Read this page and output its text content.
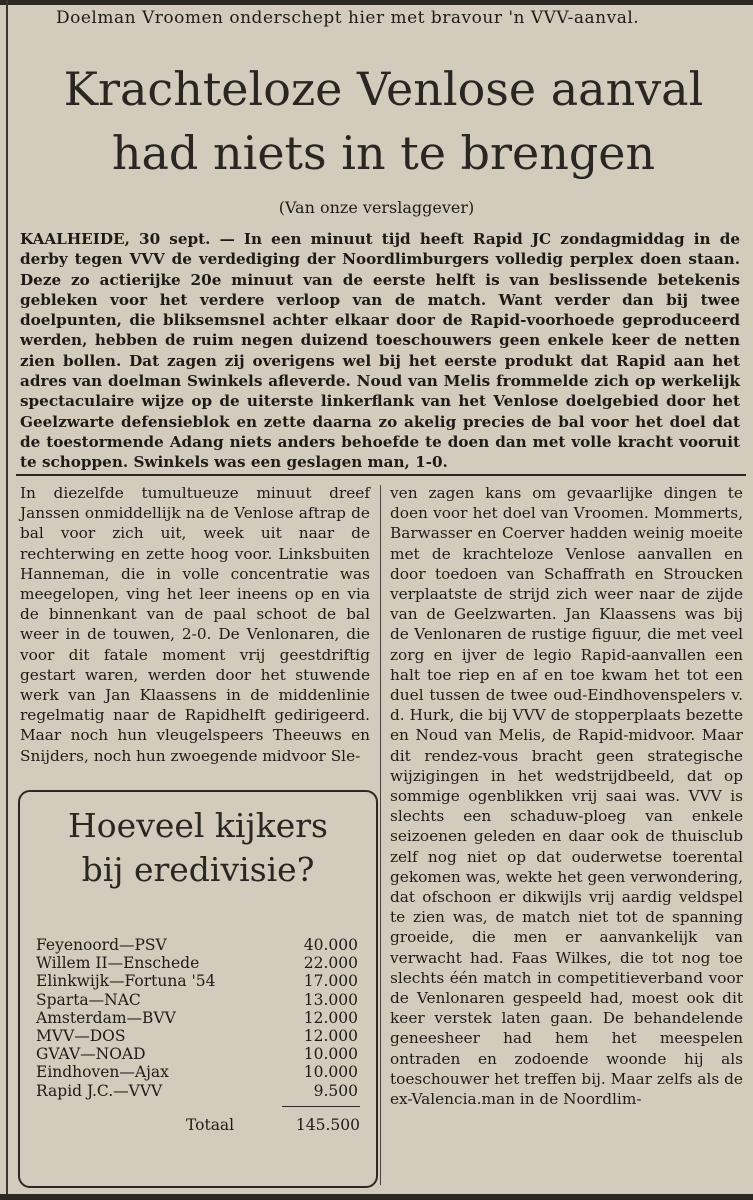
Doelman Vroomen onderschept hier met bravour 'n VVV-aanval.
Krachteloze Venlose aanval
had niets in te brengen
(Van onze verslaggever)

KAALHEIDE, 30 sept. — In een minuut tijd heeft Rapid JC zondagmiddag in de derby tegen VVV de verdediging der Noordlimburgers volledig perplex doen staan. Deze zo actierijke 20e minuut van de eerste helft is van beslissende betekenis gebleken voor het verdere verloop van de match. Want verder dan bij twee doelpunten, die bliksemsnel achter elkaar door de Rapid-voorhoede geproduceerd werden, hebben de ruim negen duizend toeschouwers geen enkele keer de netten zien bollen. Dat zagen zij overigens wel bij het eerste produkt dat Rapid aan het adres van doelman Swinkels afleverde. Noud van Melis frommelde zich op werkelijk spectaculaire wijze op de uiterste linkerflank van het Venlose doelgebied door het Geelzwarte defensieblok en zette daarna zo akelig precies de bal voor het doel dat de toestormende Adang niets anders behoefde te doen dan met volle kracht vooruit te schoppen. Swinkels was een geslagen man, 1-0.

In diezelfde tumultueuze minuut dreef Janssen onmiddellijk na de Venlose aftrap de bal voor zich uit, week uit naar de rechterwing en zette hoog voor. Linksbuiten Hanneman, die in volle concentratie was meegelopen, ving het leer ineens op en via de binnenkant van de paal schoot de bal weer in de touwen, 2-0. De Venlonaren, die voor dit fatale moment vrij geestdriftig gestart waren, werden door het stuwende werk van Jan Klaassens in de middenlinie regelmatig naar de Rapidhelft gedirigeerd. Maar noch hun vleugelspeers Theeuws en Snijders, noch hun zwoegende midvoor Sle-

Hoeveel kijkers
bij eredivisie?
Feyenoord—PSV	40.000
Willem II—Enschede	22.000
Elinkwijk—Fortuna '54	17.000
Sparta—NAC	13.000
Amsterdam—BVV	12.000
MVV—DOS	12.000
GVAV—NOAD	10.000
Eindhoven—Ajax	10.000
Rapid J.C.—VVV	9.500
Totaal	145.500

ven zagen kans om gevaarlijke dingen te doen voor het doel van Vroomen. Mommerts, Barwasser en Coerver hadden weinig moeite met de krachteloze Venlose aanvallen en door toedoen van Schaffrath en Stroucken verplaatste de strijd zich weer naar de zijde van de Geelzwarten. Jan Klaassens was bij de Venlonaren de rustige figuur, die met veel zorg en ijver de legio Rapid-aanvallen een halt toe riep en af en toe kwam het tot een duel tussen de twee oud-Eindhovenspelers v. d. Hurk, die bij VVV de stopperplaats bezette en Noud van Melis, de Rapid-midvoor. Maar dit rendez-vous bracht geen strategische wijzigingen in het wedstrijdbeeld, dat op sommige ogenblikken vrij saai was. VVV is slechts een schaduw-ploeg van enkele seizoenen geleden en daar ook de thuisclub zelf nog niet op dat ouderwetse toerental gekomen was, wekte het geen verwondering, dat ofschoon er dikwijls vrij aardig veldspel te zien was, de match niet tot de spanning groeide, die men er aanvankelijk van verwacht had. Faas Wilkes, die tot nog toe slechts één match in competitieverband voor de Venlonaren gespeeld had, moest ook dit keer verstek laten gaan. De behandelende geneesheer had hem het meespelen ontraden en zodoende woonde hij als toeschouwer het treffen bij. Maar zelfs als de ex-Valencia.man in de Noordlim-
